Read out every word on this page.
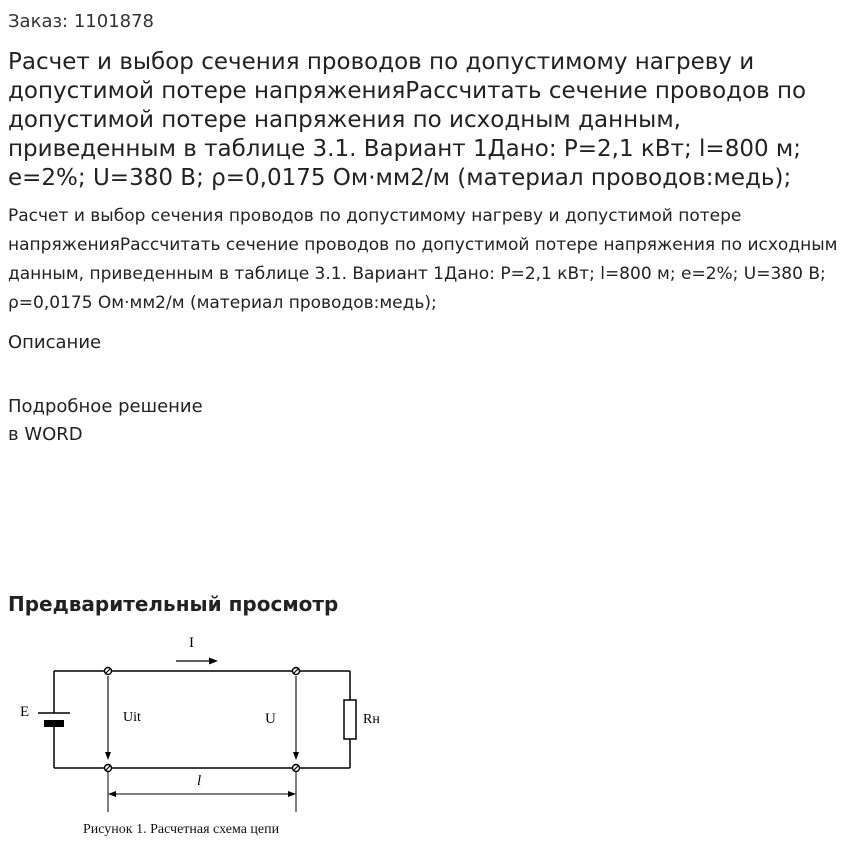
Заказ: 1101878
Расчет и выбор сечения проводов по допустимому нагреву и допустимой потере напряженияРассчитать сечение проводов по допустимой потере напряжения по исходным данным, приведенным в таблице 3.1. Вариант 1Дано: P=2,1 кВт; l=800 м; e=2%; U=380 В; ρ=0,0175 Ом·мм2/м (материал проводов:медь);

Расчет и выбор сечения проводов по допустимому нагреву и допустимой потере напряженияРассчитать сечение проводов по допустимой потере напряжения по исходным данным, приведенным в таблице 3.1. Вариант 1Дано: P=2,1 кВт; l=800 м; e=2%; U=380 В; ρ=0,0175 Ом·мм2/м (материал проводов:медь);

Описание
Подробное решение
в WORD
Предварительный просмотр
I
E	Rн
Uit	U
l
Рисунок 1. Расчетная схема цепи
